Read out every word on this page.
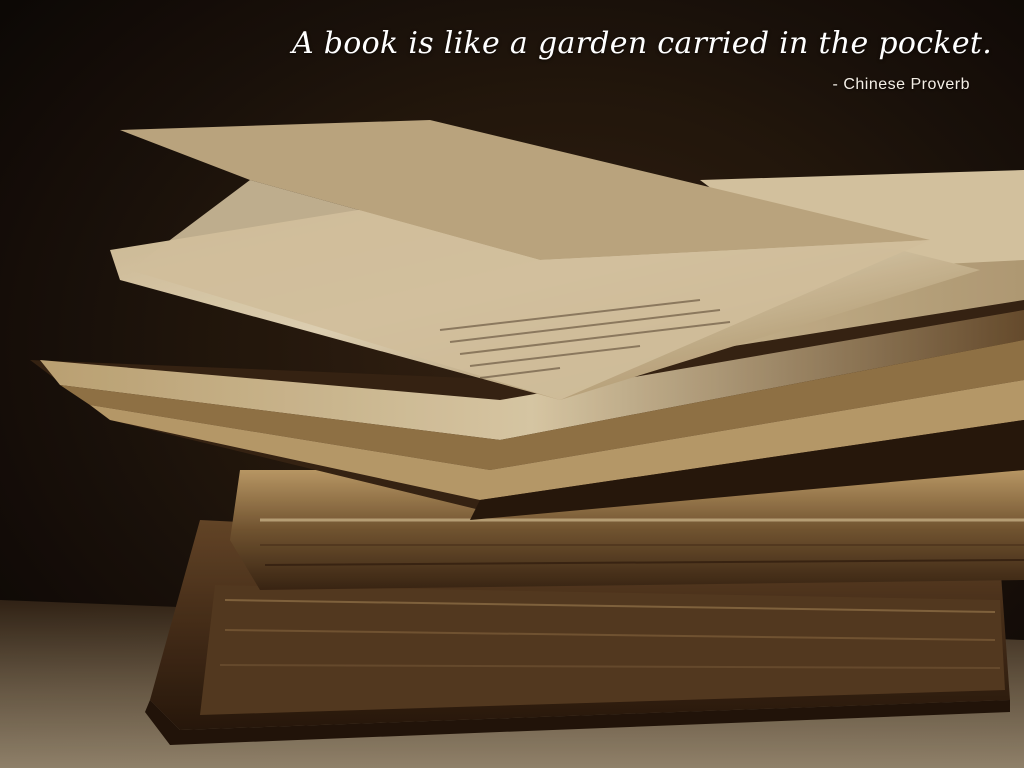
A book is like a garden carried in the pocket.
- Chinese Proverb
